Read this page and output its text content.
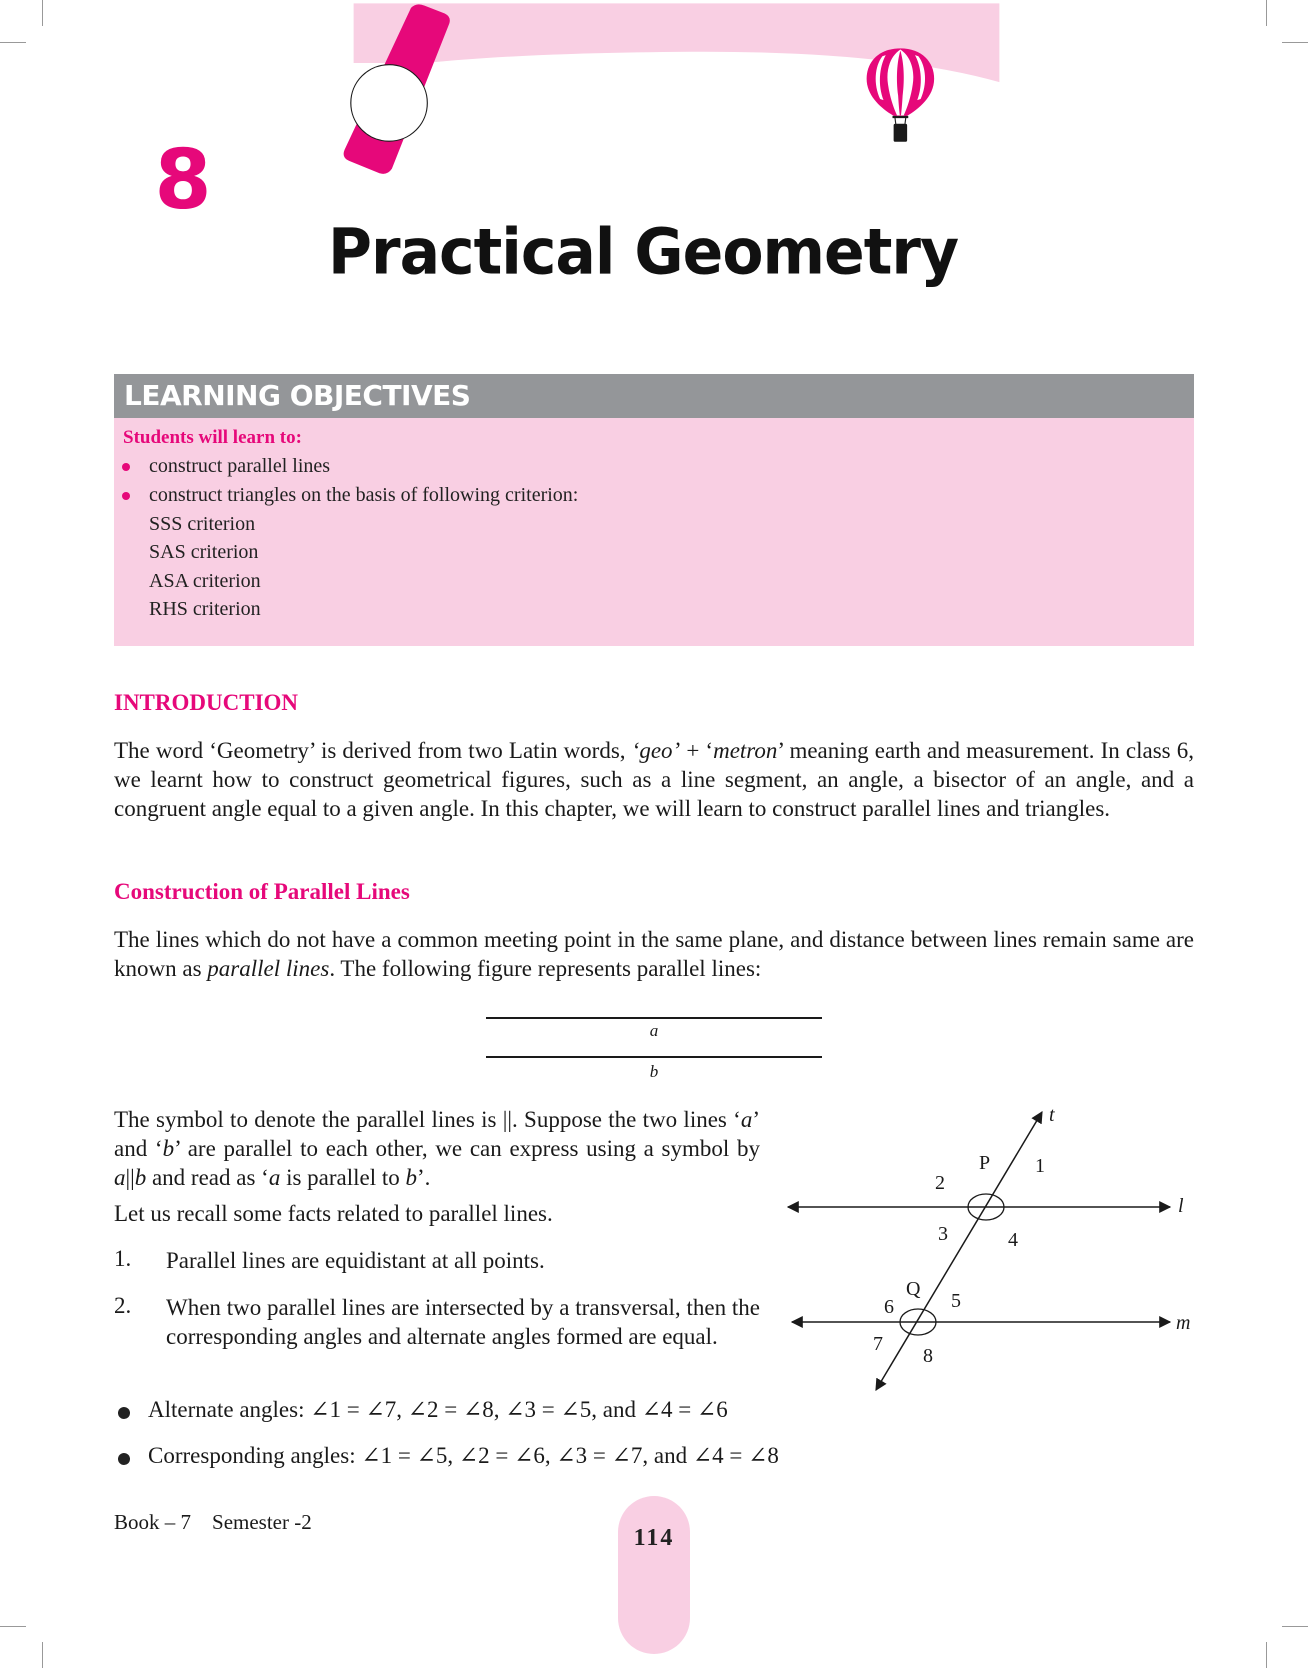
8
Practical Geometry
LEARNING OBJECTIVES
Students will learn to:
construct parallel lines
construct triangles on the basis of following criterion:
SSS criterion
SAS criterion
ASA criterion
RHS criterion
INTRODUCTION

The word ‘Geometry’ is derived from two Latin words, ‘geo’ + ‘metron’ meaning earth and measurement. In class 6, we learnt how to construct geometrical figures, such as a line segment, an angle, a bisector of an angle, and a congruent angle equal to a given angle. In this chapter, we will learn to construct parallel lines and triangles.

Construction of Parallel Lines

The lines which do not have a common meeting point in the same plane, and distance between lines remain same are known as parallel lines. The following figure represents parallel lines:

a
b

The symbol to denote the parallel lines is ||. Suppose the two lines ‘a’ and ‘b’ are parallel to each other, we can express using a symbol by a||b and read as ‘a is parallel to b’.

Let us recall some facts related to parallel lines.
1. Parallel lines are equidistant at all points.
2. When two parallel lines are intersected by a transversal, then the corresponding angles and alternate angles formed are equal.
Alternate angles: ∠1 = ∠7, ∠2 = ∠8, ∠3 = ∠5, and ∠4 = ∠6
Corresponding angles: ∠1 = ∠5, ∠2 = ∠6, ∠3 = ∠7, and ∠4 = ∠8
t
l
m
P
Q
1
2
3	4
5
6
7
8
Book – 7 Semester -2
114
